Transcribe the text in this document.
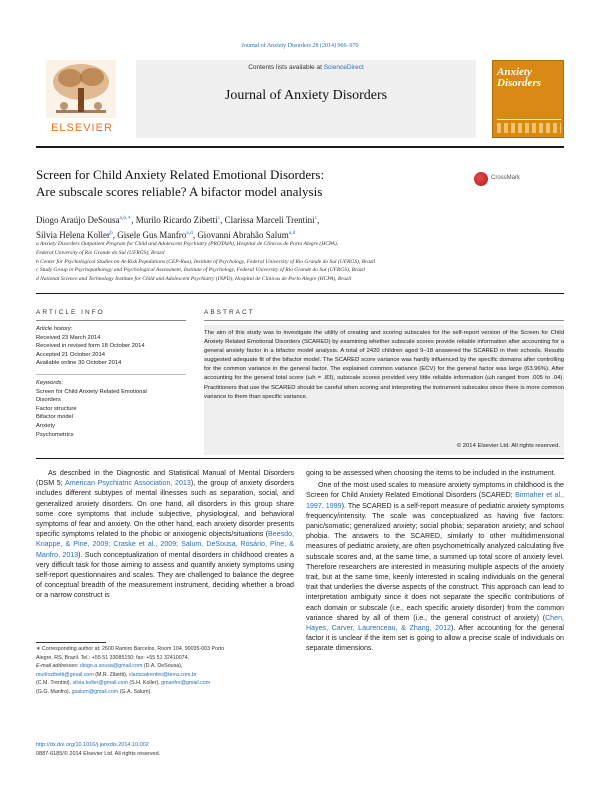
Journal of Anxiety Disorders 28 (2014) 966–970
ELSEVIER
Contents lists available at ScienceDirect
Journal of Anxiety Disorders
Anxiety
Disorders
Screen for Child Anxiety Related Emotional Disorders:
Are subscale scores reliable? A bifactor model analysis
CrossMark
Diogo Araújo DeSousa$^{a,b,∗}$, Murilo Ricardo Zibetti$^c$, Clarissa Marceli Trentini$^c$,
Silvia Helena Koller$^b$, Gisele Gus Manfro$^{a,d}$, Giovanni Abrahão Salum$^{a,d}$
a Anxiety Disorders Outpatient Program for Child and Adolescent Psychiatry (PROTAIA), Hospital de Clínicas de Porto Alegre (HCPA),
Federal University of Rio Grande do Sul (UFRGS), Brazil
b Center for Psychological Studies on At-Risk Populations (CEP-Rua), Institute of Psychology, Federal University of Rio Grande do Sul (UFRGS), Brazil
c Study Group in Psychopathology and Psychological Assessment, Institute of Psychology, Federal University of Rio Grande do Sul (UFRGS), Brazil
d National Science and Technology Institute for Child and Adolescent Psychiatry (INPD), Hospital de Clínicas de Porto Alegre (HCPA), Brazil
ARTICLE INFO	ABSTRACT
Article history:
Received 23 March 2014
Received in revised form 18 October 2014
Accepted 21 October 2014
Available online 30 October 2014
Keywords:
Screen for Child Anxiety Related Emotional
Disorders
Factor structure
Bifactor model
Anxiety
Psychometrics
The aim of this study was to investigate the utility of creating and scoring subscales for the self-report version of the Screen for Child Anxiety Related Emotional Disorders (SCARED) by examining whether subscale scores provide reliable information after accounting for a general anxiety factor in a bifactor model analysis. A total of 2420 children aged 9–18 answered the SCARED in their schools. Results suggested adequate fit of the bifactor model. The SCARED score variance was hardly influenced by the specific domains after controlling for the common variance in the general factor. The explained common variance (ECV) for the general factor was large (63.96%). After accounting for the general total score (ωh = .83), subscale scores provided very little reliable information (ωh ranged from .005 to .04). Practitioners that use the SCARED should be careful when scoring and interpreting the instrument subscales since there is more common variance to them than specific variance.
© 2014 Elsevier Ltd. All rights reserved.

As described in the Diagnostic and Statistical Manual of Mental Disorders (DSM 5; American Psychiatric Association, 2013), the group of anxiety disorders includes different subtypes of mental illnesses such as separation, social, and generalized anxiety disorders. On one hand, all disorders in this group share some core symptoms that include subjective, physiological, and behavioral symptoms of fear and anxiety. On the other hand, each anxiety disorder presents specific symptoms related to the phobic or anxiogenic objects/situations (Beesdo, Knappe, & Pine, 2009; Craske et al., 2009; Salum, DeSousa, Rosário, Pine, & Manfro, 2013). Such conceptualization of mental disorders in childhood creates a very difficult task for those aiming to assess and quantify anxiety symptoms using self-report questionnaires and scales. They are challenged to balance the degree of conceptual breadth of the measurement instrument, deciding whether a broad or a narrow construct is

going to be assessed when choosing the items to be included in the instrument.

One of the most used scales to measure anxiety symptoms in childhood is the Screen for Child Anxiety Related Emotional Disorders (SCARED; Birmaher et al., 1997, 1999). The SCARED is a self-report measure of pediatric anxiety symptoms frequency/intensity. The scale was conceptualized as having five factors: panic/somatic; generalized anxiety; social phobia; separation anxiety; and school phobia. The answers to the SCARED, similarly to other multidimensional measures of pediatric anxiety, are often psychometrically analyzed calculating five subscale scores and, at the same time, a summed up total score of anxiety level. Therefore researchers are interested in measuring multiple aspects of the anxiety trait, but at the same time, keenly interested in scaling individuals on the general trait that underlies the diverse aspects of the construct. This approach can lead to interpretation ambiguity since it does not separate the specific contributions of each domain or subscale (i.e., each specific anxiety disorder) from the common variance shared by all of them (i.e., the general construct of anxiety) (Chen, Hayes, Carver, Laurenceau, & Zhang, 2012). After accounting for the general factor it is unclear if the item set is going to allow a precise scale of individuals on separate dimensions.

∗ Corresponding author at: 2600 Ramiro Barcelos, Room 104, 90035-003 Porto
Alegre, RS, Brazil. Tel.: +55 51 33085150; fax: +55 51 32410074.
E-mail addresses: diogo.a.sousa@gmail.com (D.A. DeSousa),
murilozibetti@gmail.com (M.R. Zibetti), clarissatrentini@terra.com.br
(C.M. Trentini), silvia.koller@gmail.com (S.H. Koller), gmanfro@gmail.com
(G.G. Manfro), gsalum@gmail.com (G.A. Salum).
http://dx.doi.org/10.1016/j.janxdis.2014.10.002
0887-6185/© 2014 Elsevier Ltd. All rights reserved.
